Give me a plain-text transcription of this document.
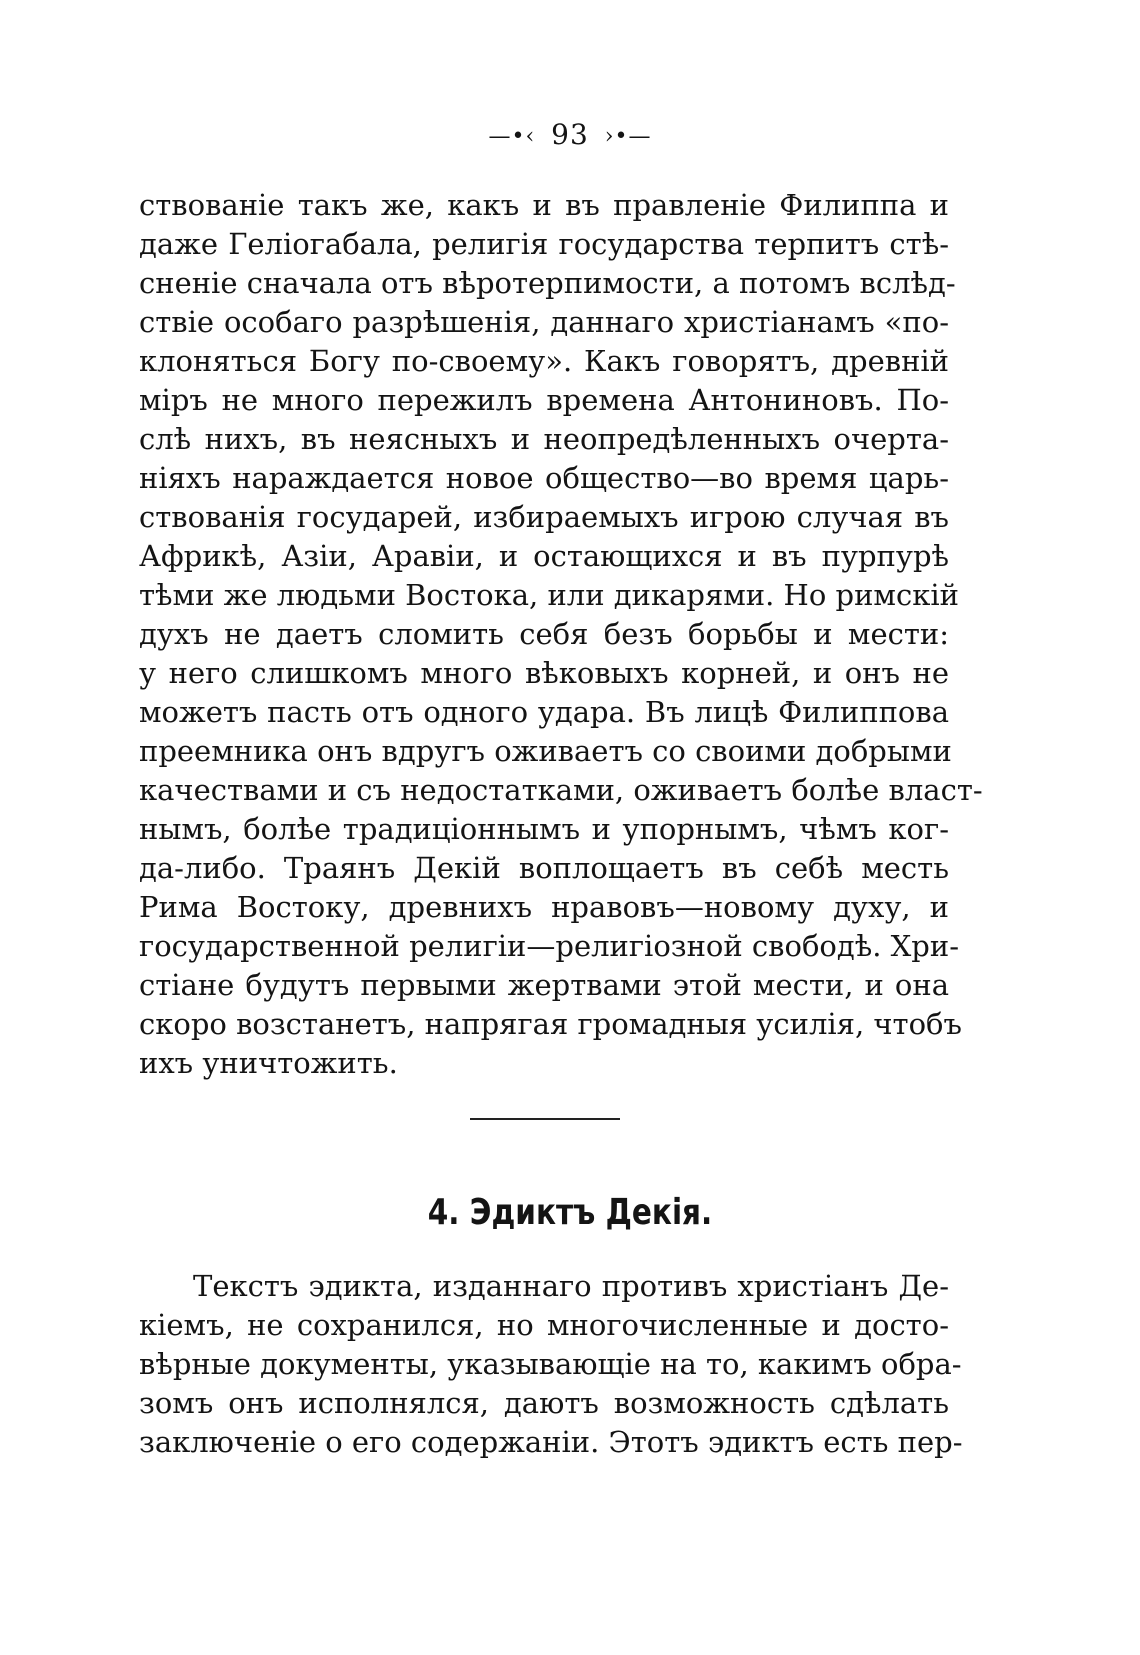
—•‹ 93 ›•—
ствованіе такъ же, какъ и въ правленіе Филиппа и
даже Геліогабала, религія государства терпитъ стѣ-
сненіе сначала отъ вѣротерпимости, а потомъ вслѣд-
ствіе особаго разрѣшенія, даннаго христіанамъ «по-
клоняться Богу по-своему». Какъ говорятъ, древній
міръ не много пережилъ времена Антониновъ. По-
слѣ нихъ, въ неясныхъ и неопредѣленныхъ очерта-
ніяхъ нараждается новое общество—во время царь-
ствованія государей, избираемыхъ игрою случая въ
Африкѣ, Азіи, Аравіи, и остающихся и въ пурпурѣ
тѣми же людьми Востока, или дикарями. Но римскій
духъ не даетъ сломить себя безъ борьбы и мести:
у него слишкомъ много вѣковыхъ корней, и онъ не
можетъ пасть отъ одного удара. Въ лицѣ Филиппова
преемника онъ вдругъ оживаетъ со своими добрыми
качествами и съ недостатками, оживаетъ болѣе власт-
нымъ, болѣе традиціоннымъ и упорнымъ, чѣмъ ког-
да-либо. Траянъ Декій воплощаетъ въ себѣ месть
Рима Востоку, древнихъ нравовъ—новому духу, и
государственной религіи—религіозной свободѣ. Хри-
стіане будутъ первыми жертвами этой мести, и она
скоро возстанетъ, напрягая громадныя усилія, чтобъ
ихъ уничтожить.
4. Эдиктъ Декія.
Текстъ эдикта, изданнаго противъ христіанъ Де-
кіемъ, не сохранился, но многочисленные и досто-
вѣрные документы, указывающіе на то, какимъ обра-
зомъ онъ исполнялся, даютъ возможность сдѣлать
заключеніе о его содержаніи. Этотъ эдиктъ есть пер-
